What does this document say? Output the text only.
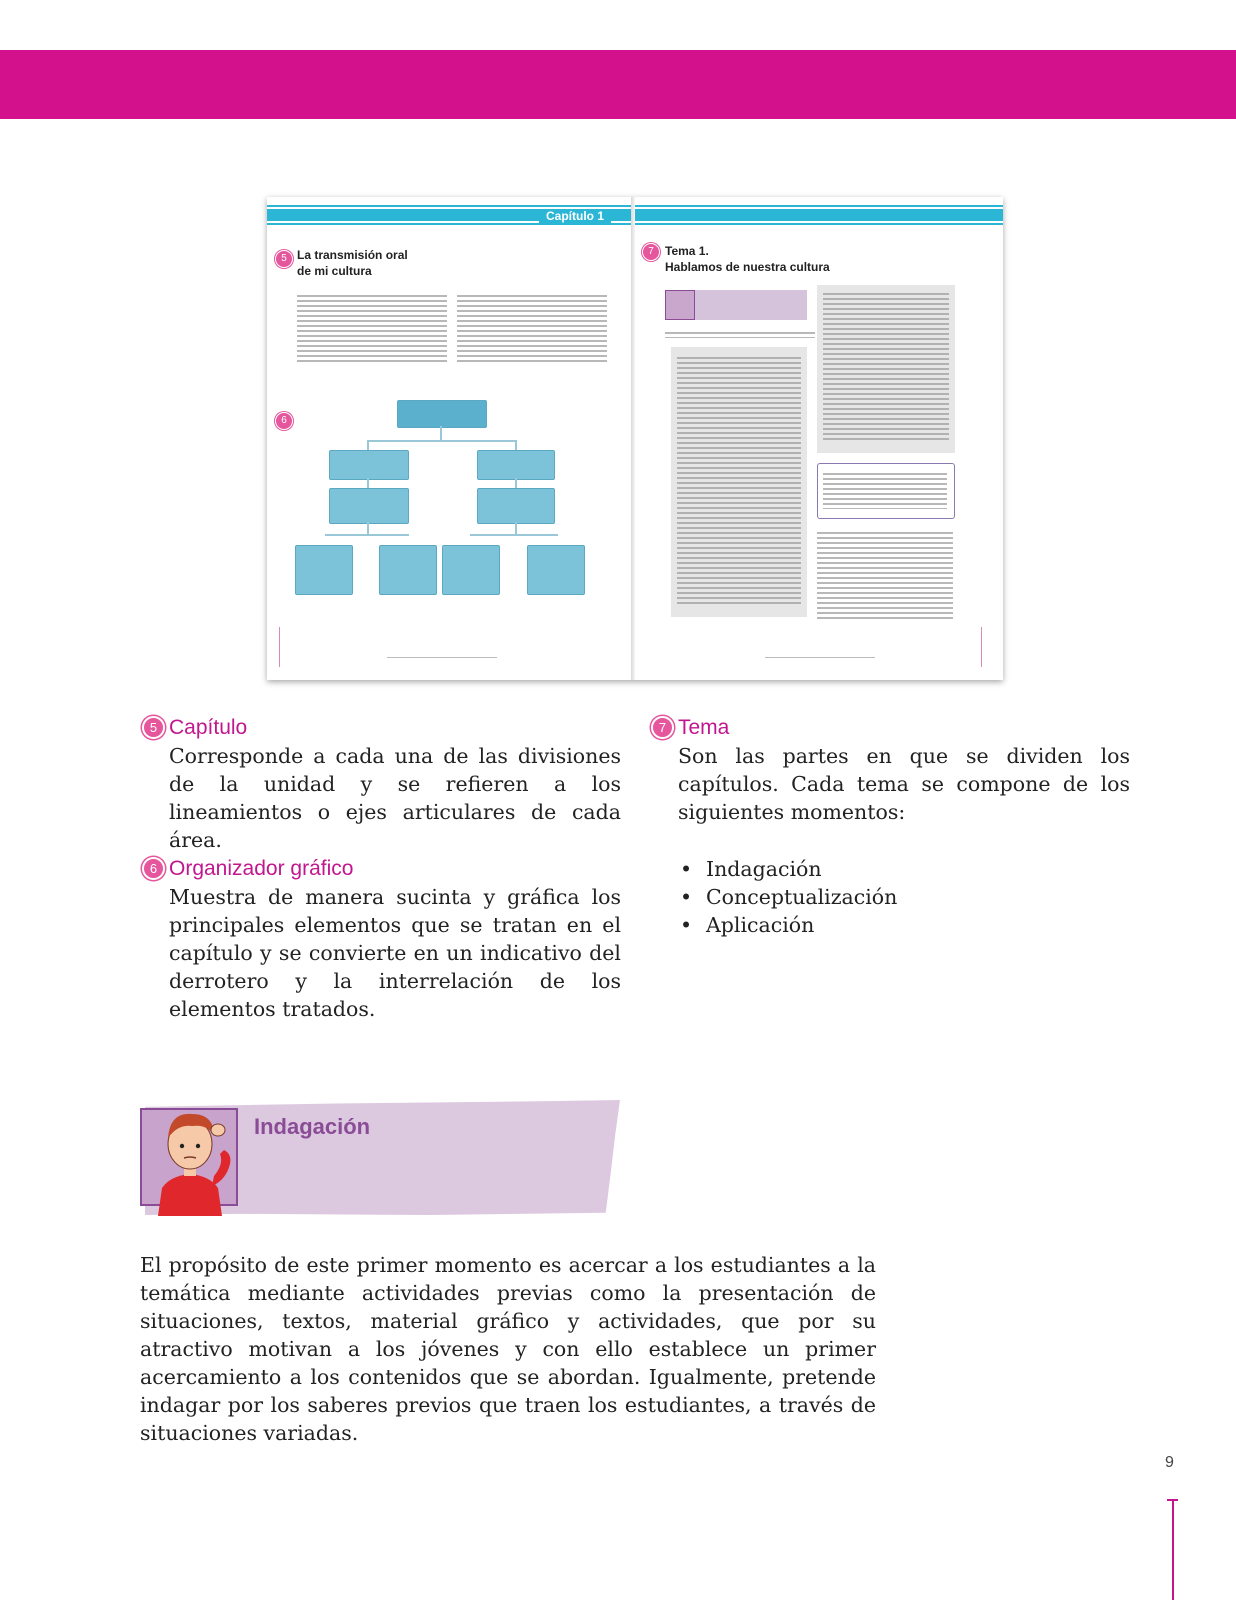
Capítulo 1
5 La transmisión oral
de mi cultura
6
7 Tema 1.
Hablamos de nuestra cultura
5 Capítulo
Corresponde a cada una de las divisiones de la unidad y se refieren a los lineamientos o ejes articulares de cada área.
6 Organizador gráfico
Muestra de manera sucinta y gráfica los principales elementos que se tratan en el capítulo y se convierte en un indicativo del derrotero y la interrelación de los elementos tratados.
7 Tema
Son las partes en que se dividen los capítulos. Cada tema se compone de los siguientes momentos:
• Indagación
• Conceptualización
• Aplicación
Indagación
El propósito de este primer momento es acercar a los estudiantes a la temática mediante actividades previas como la presentación de situaciones, textos, material gráfico y actividades, que por su atractivo motivan a los jóvenes y con ello establece un primer acercamiento a los contenidos que se abordan. Igualmente, pretende indagar por los saberes previos que traen los estudiantes, a través de situaciones variadas.
9
